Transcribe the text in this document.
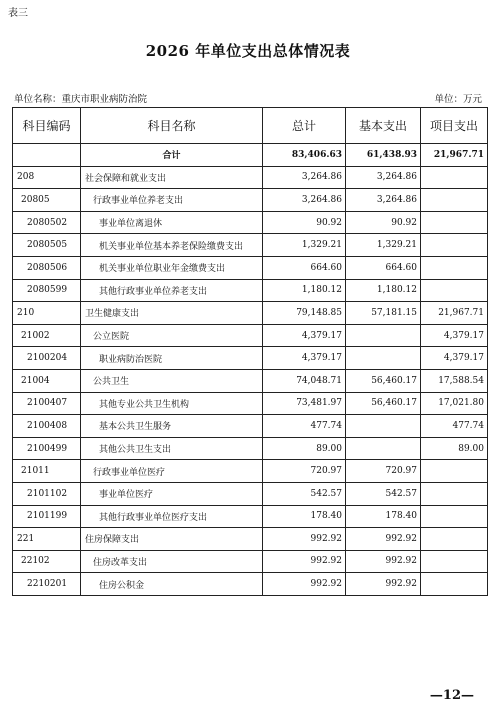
表三
2026 年单位支出总体情况表
单位名称：重庆市职业病防治院	单位：万元
科目编码	科目名称	总计	基本支出	项目支出
	合计	83,406.63	61,438.93	21,967.71
208	社会保障和就业支出	3,264.86	3,264.86	
20805	行政事业单位养老支出	3,264.86	3,264.86	
2080502	事业单位离退休	90.92	90.92	
2080505	机关事业单位基本养老保险缴费支出	1,329.21	1,329.21	
2080506	机关事业单位职业年金缴费支出	664.60	664.60	
2080599	其他行政事业单位养老支出	1,180.12	1,180.12	
210	卫生健康支出	79,148.85	57,181.15	21,967.71
21002	公立医院	4,379.17		4,379.17
2100204	职业病防治医院	4,379.17		4,379.17
21004	公共卫生	74,048.71	56,460.17	17,588.54
2100407	其他专业公共卫生机构	73,481.97	56,460.17	17,021.80
2100408	基本公共卫生服务	477.74		477.74
2100499	其他公共卫生支出	89.00		89.00
21011	行政事业单位医疗	720.97	720.97	
2101102	事业单位医疗	542.57	542.57	
2101199	其他行政事业单位医疗支出	178.40	178.40	
221	住房保障支出	992.92	992.92	
22102	住房改革支出	992.92	992.92	
2210201	住房公积金	992.92	992.92	
—12—
